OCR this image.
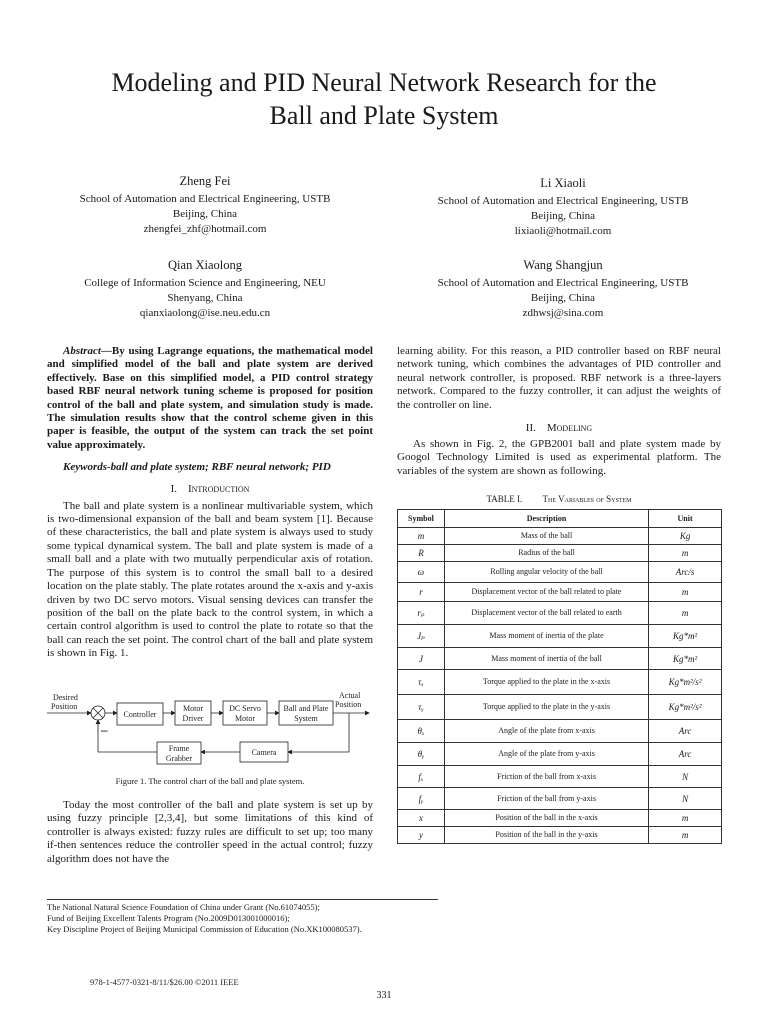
Modeling and PID Neural Network Research for the
Ball and Plate System
Zheng Fei
School of Automation and Electrical Engineering, USTB
Beijing, China
zhengfei_zhf@hotmail.com
Li Xiaoli
School of Automation and Electrical Engineering, USTB
Beijing, China
lixiaoli@hotmail.com
Qian Xiaolong
College of Information Science and Engineering, NEU
Shenyang, China
qianxiaolong@ise.neu.edu.cn
Wang Shangjun
School of Automation and Electrical Engineering, USTB
Beijing, China
zdhwsj@sina.com

Abstract—By using Lagrange equations, the mathematical model and simplified model of the ball and plate system are derived effectively. Base on this simplified model, a PID control strategy based RBF neural network tuning scheme is proposed for position control of the ball and plate system, and simulation study is made. The simulation results show that the control scheme given in this paper is feasible, the output of the system can track the set point value approximately.

Keywords-ball and plate system; RBF neural network; PID

I. Introduction

The ball and plate system is a nonlinear multivariable system, which is two-dimensional expansion of the ball and beam system [1]. Because of these characteristics, the ball and plate system is always used to study some typical dynamical system. The ball and plate system is made of a small ball and a plate with two mutually perpendicular axis of rotation. The purpose of this system is to control the small ball to a desired location on the plate stably. The plate rotates around the x-axis and y-axis driven by two DC servo motors. Visual sensing devices can transfer the position of the ball on the plate back to the control system, in which a certain control algorithm is used to control the plate to rotate so that the ball can reach the set point. The control chart of the ball and plate system is shown in Fig. 1.

Desired
Position
Controller
Motor
Driver
DC Servo
Motor
Ball and Plate
System
Actual
Position
Camera
Frame
Grabber
–
Figure 1. The control chart of the ball and plate system.

Today the most controller of the ball and plate system is set up by using fuzzy principle [2,3,4], but some limitations of this kind of controller is always existed: fuzzy rules are difficult to set up; too many if-then sentences reduce the controller speed in the actual control; fuzzy algorithm does not have the

learning ability. For this reason, a PID controller based on RBF neural network tuning, which combines the advantages of PID controller and neural network controller, is proposed. RBF network is a three-layers network. Compared to the fuzzy controller, it can adjust the weights of the controller on line.

II. Modeling

As shown in Fig. 2, the GPB2001 ball and plate system made by Googol Technology Limited is used as experimental platform. The variables of the system are shown as following.

TABLE I. The Variables of System
Symbol	Description	Unit
m	Mass of the ball	Kg
R	Radius of the ball	m
ω	Rolling angular velocity of the ball	Arc/s
r	Displacement vector of the ball related to plate	m
rₚ	Displacement vector of the ball related to earth	m
Jₚ	Mass moment of inertia of the plate	Kg*m²
J	Mass moment of inertia of the ball	Kg*m²
τₓ	Torque applied to the plate in the x-axis	Kg*m²/s²
τᵧ	Torque applied to the plate in the y-axis	Kg*m²/s²
θₓ	Angle of the plate from x-axis	Arc
θᵧ	Angle of the plate from y-axis	Arc
fₓ	Friction of the ball from x-axis	N
fᵧ	Friction of the ball from y-axis	N
x	Position of the ball in the x-axis	m
y	Position of the ball in the y-axis	m
The National Natural Science Foundation of China under Grant (No.61074055);
Fund of Beijing Excellent Talents Program (No.2009D013001000016);
Key Discipline Project of Beijing Municipal Commission of Education (No.XK100080537).
978-1-4577-0321-8/11/$26.00 ©2011 IEEE
331
